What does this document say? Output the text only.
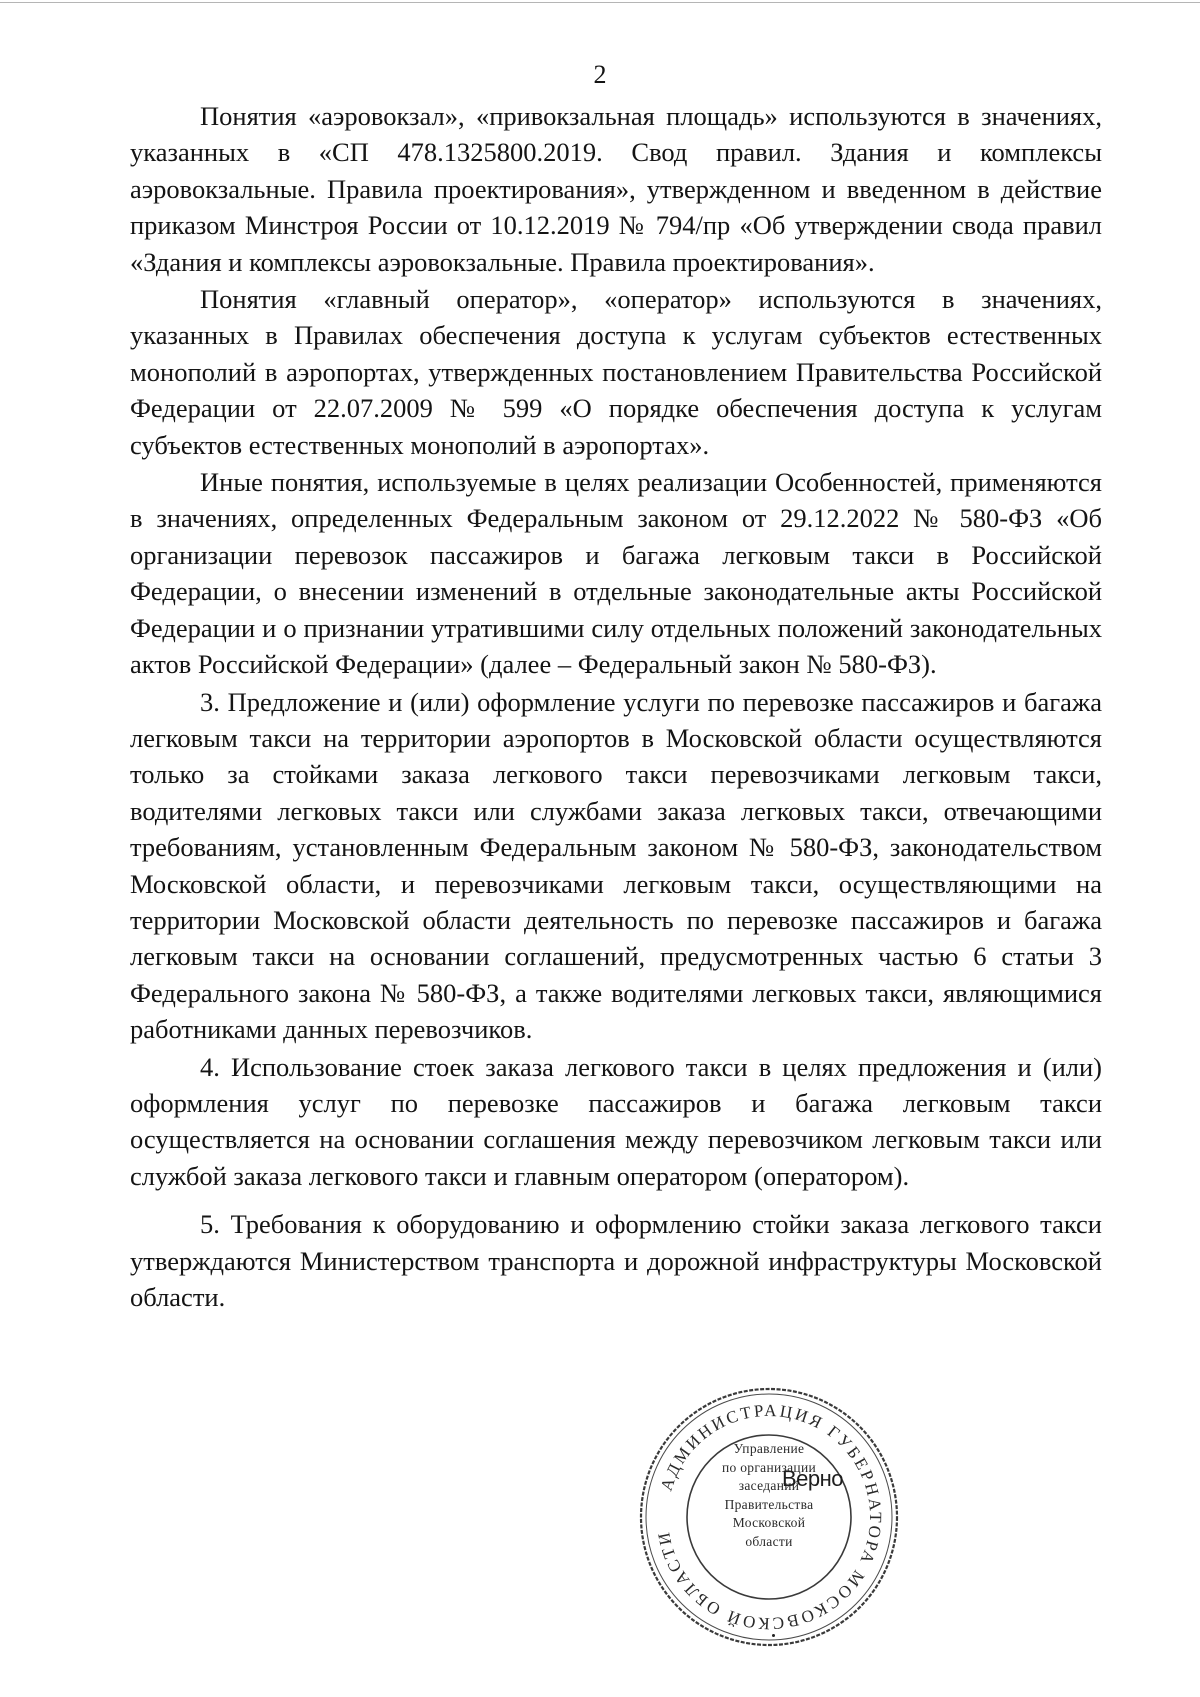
2

Понятия «аэровокзал», «привокзальная площадь» используются в значениях, указанных в «СП 478.1325800.2019. Свод правил. Здания и комплексы аэровокзальные. Правила проектирования», утвержденном и введенном в действие приказом Минстроя России от 10.12.2019 № 794/пр «Об утверждении свода правил «Здания и комплексы аэровокзальные. Правила проектирования».

Понятия «главный оператор», «оператор» используются в значениях, указанных в Правилах обеспечения доступа к услугам субъектов естественных монополий в аэропортах, утвержденных постановлением Правительства Российской Федерации от 22.07.2009 № 599 «О порядке обеспечения доступа к услугам субъектов естественных монополий в аэропортах».

Иные понятия, используемые в целях реализации Особенностей, применяются в значениях, определенных Федеральным законом от 29.12.2022 № 580-ФЗ «Об организации перевозок пассажиров и багажа легковым такси в Российской Федерации, о внесении изменений в отдельные законодательные акты Российской Федерации и о признании утратившими силу отдельных положений законодательных актов Российской Федерации» (далее – Федеральный закон № 580-ФЗ).

3. Предложение и (или) оформление услуги по перевозке пассажиров и багажа легковым такси на территории аэропортов в Московской области осуществляются только за стойками заказа легкового такси перевозчиками легковым такси, водителями легковых такси или службами заказа легковых такси, отвечающими требованиям, установленным Федеральным законом № 580-ФЗ, законодательством Московской области, и перевозчиками легковым такси, осуществляющими на территории Московской области деятельность по перевозке пассажиров и багажа легковым такси на основании соглашений, предусмотренных частью 6 статьи 3 Федерального закона № 580-ФЗ, а также водителями легковых такси, являющимися работниками данных перевозчиков.

4. Использование стоек заказа легкового такси в целях предложения и (или) оформления услуг по перевозке пассажиров и багажа легковым такси осуществляется на основании соглашения между перевозчиком легковым такси или службой заказа легкового такси и главным оператором (оператором).

5. Требования к оборудованию и оформлению стойки заказа легкового такси утверждаются Министерством транспорта и дорожной инфраструктуры Московской области.

АДМИНИСТРАЦИЯ ГУБЕРНАТОРА МОСКОВСКОЙ ОБЛАСТИ
Управление
по организации
заседаний
Правительства
Московской
области
Верно
